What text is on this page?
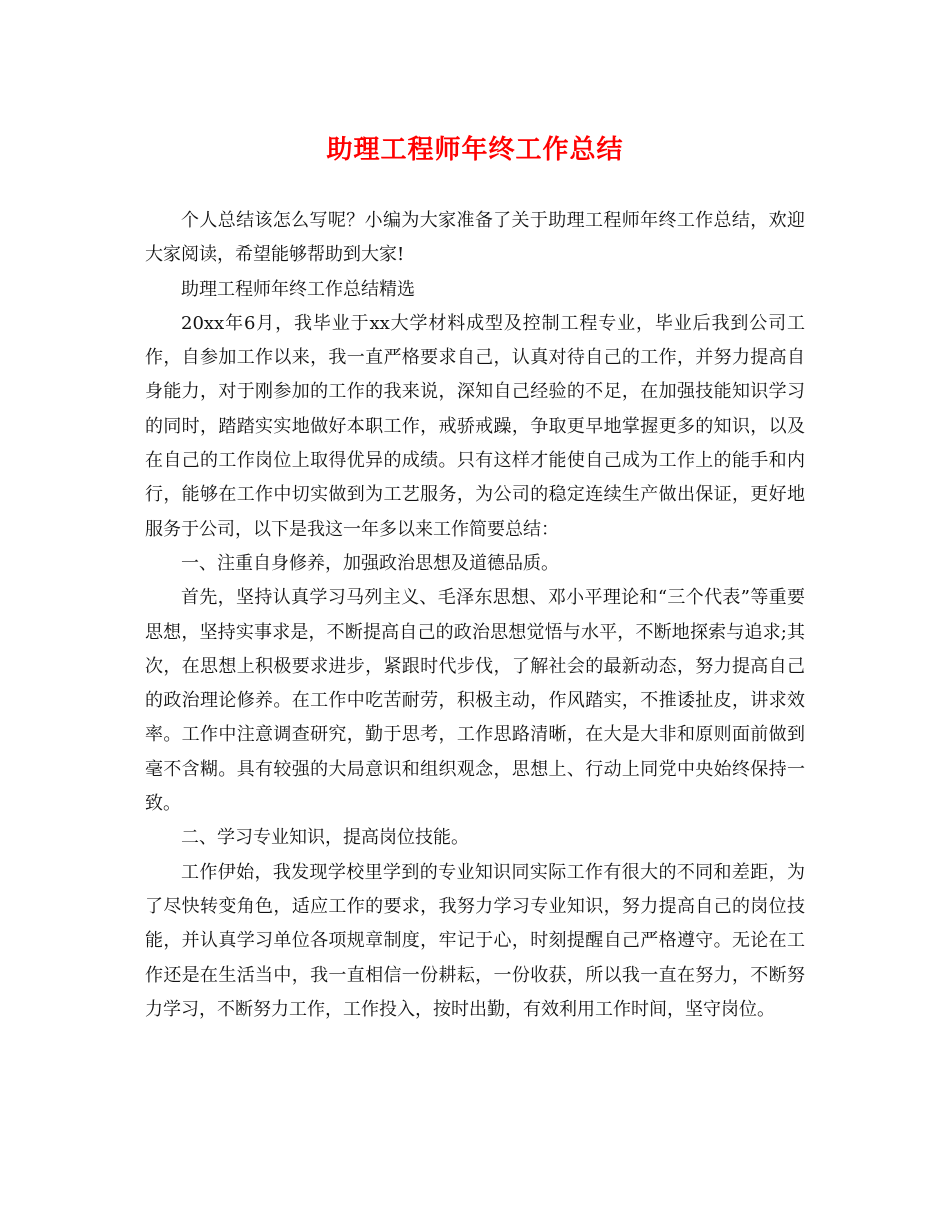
助理工程师年终工作总结

个人总结该怎么写呢？小编为大家准备了关于助理工程师年终工作总结，欢迎大家阅读，希望能够帮助到大家!

助理工程师年终工作总结精选

20xx年6月，我毕业于xx大学材料成型及控制工程专业，毕业后我到公司工作，自参加工作以来，我一直严格要求自己，认真对待自己的工作，并努力提高自身能力，对于刚参加的工作的我来说，深知自己经验的不足，在加强技能知识学习的同时，踏踏实实地做好本职工作，戒骄戒躁，争取更早地掌握更多的知识，以及在自己的工作岗位上取得优异的成绩。只有这样才能使自己成为工作上的能手和内行，能够在工作中切实做到为工艺服务，为公司的稳定连续生产做出保证，更好地服务于公司，以下是我这一年多以来工作简要总结：

一、注重自身修养，加强政治思想及道德品质。

首先，坚持认真学习马列主义、毛泽东思想、邓小平理论和“三个代表”等重要思想，坚持实事求是，不断提高自己的政治思想觉悟与水平，不断地探索与追求;其次，在思想上积极要求进步，紧跟时代步伐，了解社会的最新动态，努力提高自己的政治理论修养。在工作中吃苦耐劳，积极主动，作风踏实，不推诿扯皮，讲求效率。工作中注意调查研究，勤于思考，工作思路清晰，在大是大非和原则面前做到毫不含糊。具有较强的大局意识和组织观念，思想上、行动上同党中央始终保持一致。

二、学习专业知识，提高岗位技能。

工作伊始，我发现学校里学到的专业知识同实际工作有很大的不同和差距，为了尽快转变角色，适应工作的要求，我努力学习专业知识，努力提高自己的岗位技能，并认真学习单位各项规章制度，牢记于心，时刻提醒自己严格遵守。无论在工作还是在生活当中，我一直相信一份耕耘，一份收获，所以我一直在努力，不断努力学习，不断努力工作，工作投入，按时出勤，有效利用工作时间，坚守岗位。
